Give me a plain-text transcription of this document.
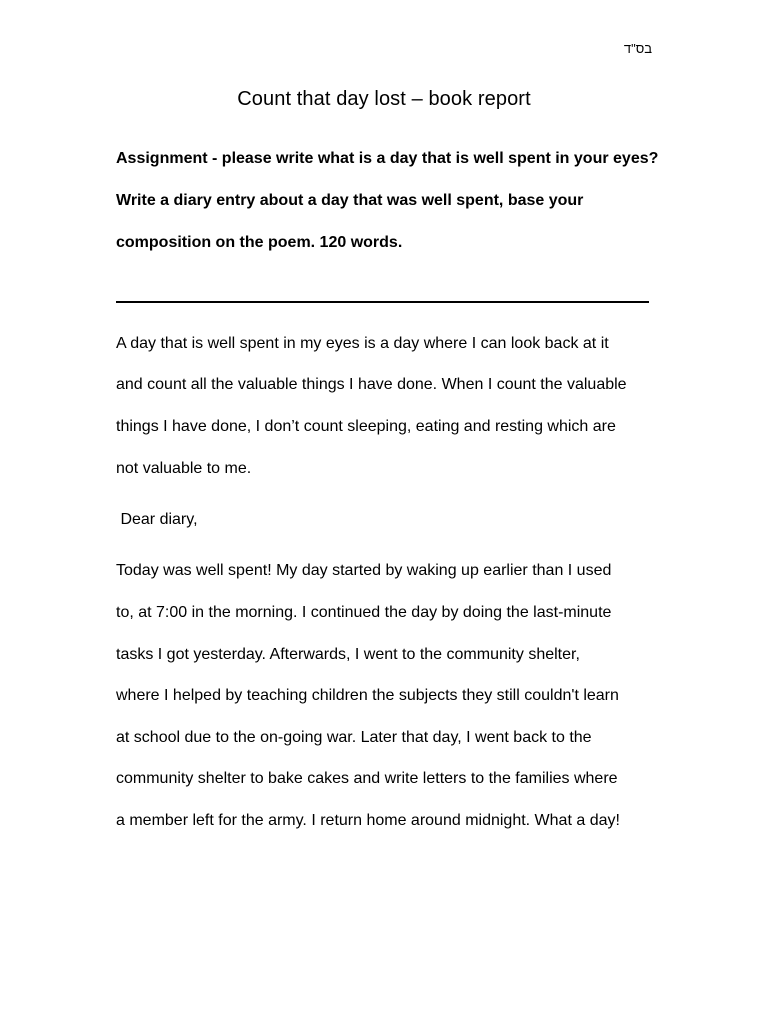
בס"ד
Count that day lost – book report
Assignment - please write what is a day that is well spent in your eyes?
Write a diary entry about a day that was well spent, base your
composition on the poem. 120 words.
A day that is well spent in my eyes is a day where I can look back at it
and count all the valuable things I have done. When I count the valuable
things I have done, I don’t count sleeping, eating and resting which are
not valuable to me.
Dear diary,
Today was well spent! My day started by waking up earlier than I used
to, at 7:00 in the morning. I continued the day by doing the last-minute
tasks I got yesterday. Afterwards, I went to the community shelter,
where I helped by teaching children the subjects they still couldn't learn
at school due to the on-going war. Later that day, I went back to the
community shelter to bake cakes and write letters to the families where
a member left for the army. I return home around midnight. What a day!
